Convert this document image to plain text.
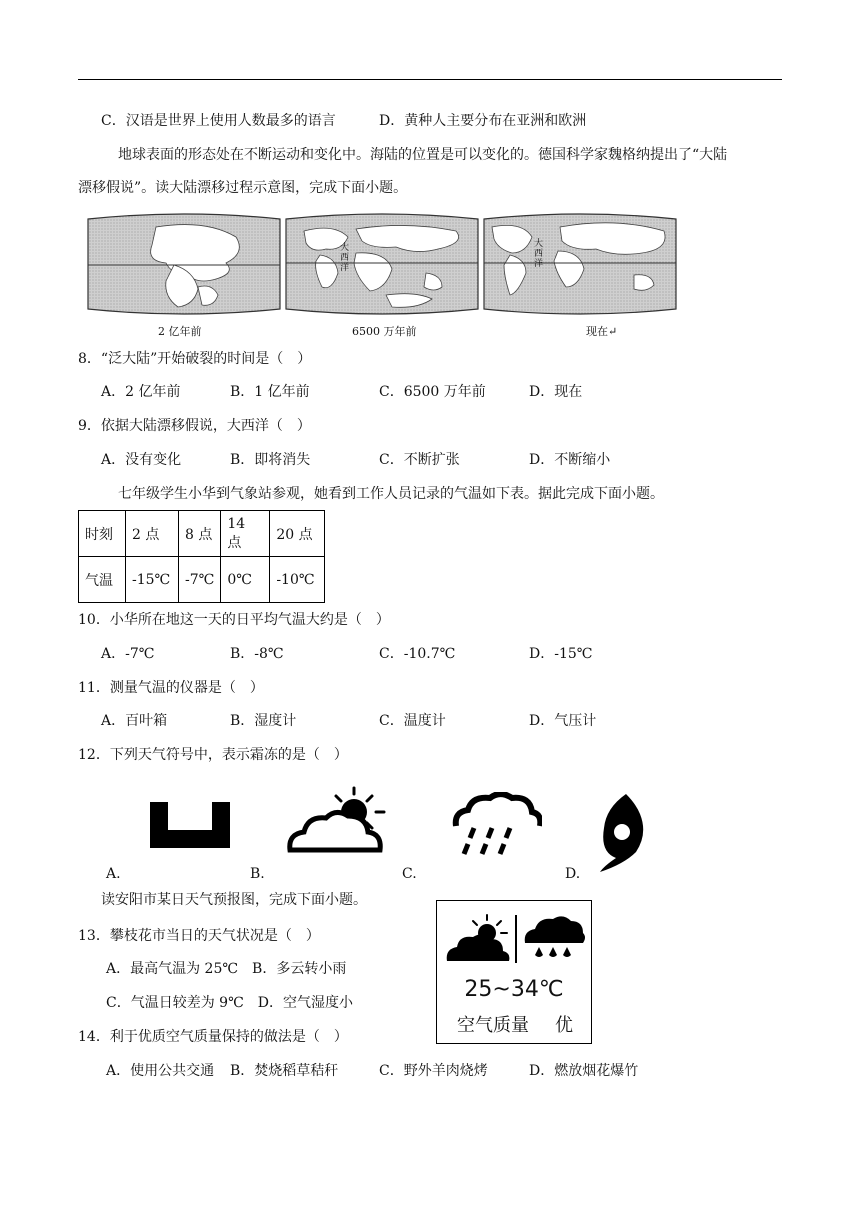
C．汉语是世界上使用人数最多的语言	D．黄种人主要分布在亚洲和欧洲
地球表面的形态处在不断运动和变化中。海陆的位置是可以变化的。德国科学家魏格纳提出了“大陆
漂移假说”。读大陆漂移过程示意图，完成下面小题。
大西洋
大西洋
2 亿年前	6500 万年前	现在↵
8．“泛大陆”开始破裂的时间是（　）
A．2 亿年前	B．1 亿年前	C．6500 万年前	D．现在
9．依据大陆漂移假说，大西洋（　）
A．没有变化	B．即将消失	C．不断扩张	D．不断缩小
七年级学生小华到气象站参观，她看到工作人员记录的气温如下表。据此完成下面小题。
时刻	2 点	8 点	14 点	20 点
气温	-15℃	-7℃	0℃	-10℃
10．小华所在地这一天的日平均气温大约是（　）
A．-7℃	B．-8℃	C．-10.7℃	D．-15℃
11．测量气温的仪器是（　）
A．百叶箱	B．湿度计	C．温度计	D．气压计
12．下列天气符号中，表示霜冻的是（　）
A.	B.	C.	D.
读安阳市某日天气预报图，完成下面小题。
25~34℃
空气质量 优
13．攀枝花市当日的天气状况是（　）
A．最高气温为 25℃　B．多云转小雨
C．气温日较差为 9℃　D．空气湿度小
14．利于优质空气质量保持的做法是（　）
A．使用公共交通 B．焚烧稻草秸秆	C．野外羊肉烧烤	D．燃放烟花爆竹
